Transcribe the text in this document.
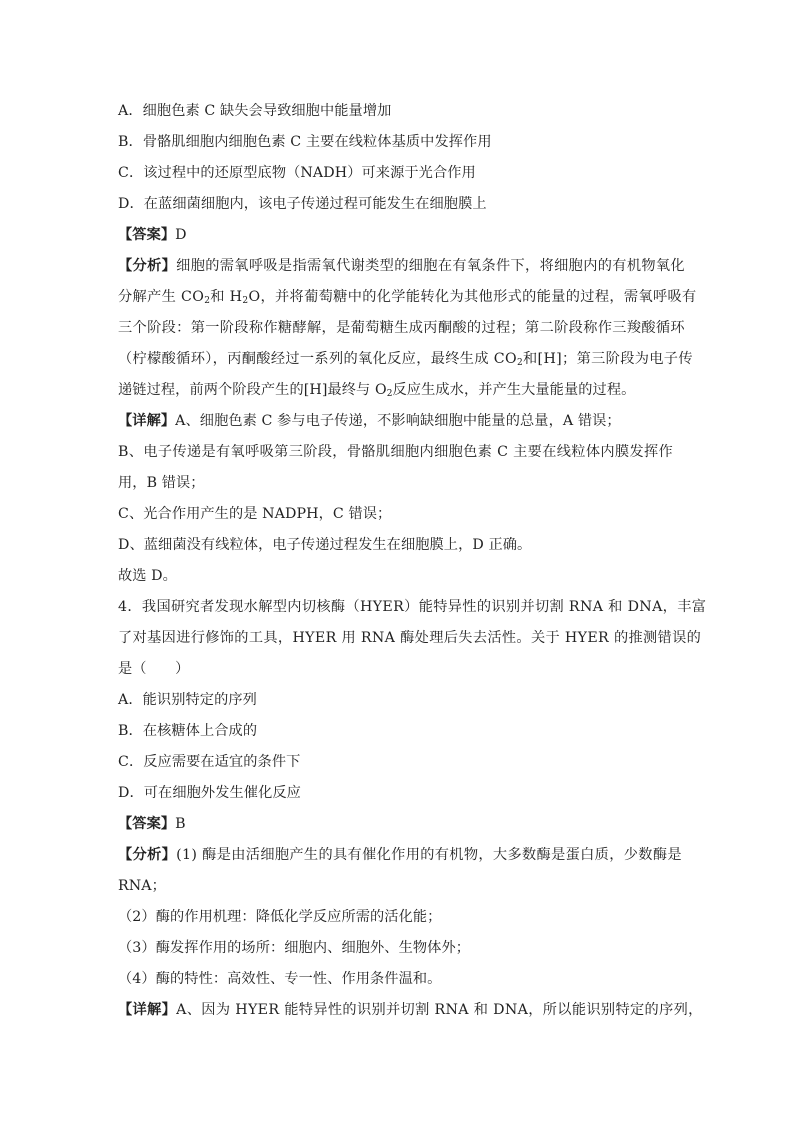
A．细胞色素 C 缺失会导致细胞中能量增加
B．骨骼肌细胞内细胞色素 C 主要在线粒体基质中发挥作用
C．该过程中的还原型底物（NADH）可来源于光合作用
D．在蓝细菌细胞内，该电子传递过程可能发生在细胞膜上
【答案】D
【分析】细胞的需氧呼吸是指需氧代谢类型的细胞在有氧条件下，将细胞内的有机物氧化
分解产生 $CO_2$和 $H_2O$，并将葡萄糖中的化学能转化为其他形式的能量的过程，需氧呼吸有
三个阶段：第一阶段称作糖酵解，是葡萄糖生成丙酮酸的过程；第二阶段称作三羧酸循环
（柠檬酸循环），丙酮酸经过一系列的氧化反应，最终生成 $CO_2$和[H]；第三阶段为电子传
递链过程，前两个阶段产生的[H]最终与 $O_2$反应生成水，并产生大量能量的过程。
【详解】A、细胞色素 C 参与电子传递，不影响缺细胞中能量的总量，A 错误；
B、电子传递是有氧呼吸第三阶段，骨骼肌细胞内细胞色素 C 主要在线粒体内膜发挥作
用，B 错误；
C、光合作用产生的是 NADPH，C 错误；
D、蓝细菌没有线粒体，电子传递过程发生在细胞膜上，D 正确。
故选 D。
4．我国研究者发现水解型内切核酶（HYER）能特异性的识别并切割 RNA 和 DNA，丰富
了对基因进行修饰的工具，HYER 用 RNA 酶处理后失去活性。关于 HYER 的推测错误的
是（　　）
A．能识别特定的序列
B．在核糖体上合成的
C．反应需要在适宜的条件下
D．可在细胞外发生催化反应
【答案】B
【分析】(1) 酶是由活细胞产生的具有催化作用的有机物，大多数酶是蛋白质，少数酶是
RNA；
（2）酶的作用机理：降低化学反应所需的活化能；
（3）酶发挥作用的场所：细胞内、细胞外、生物体外；
（4）酶的特性：高效性、专一性、作用条件温和。
【详解】A、因为 HYER 能特异性的识别并切割 RNA 和 DNA，所以能识别特定的序列，
